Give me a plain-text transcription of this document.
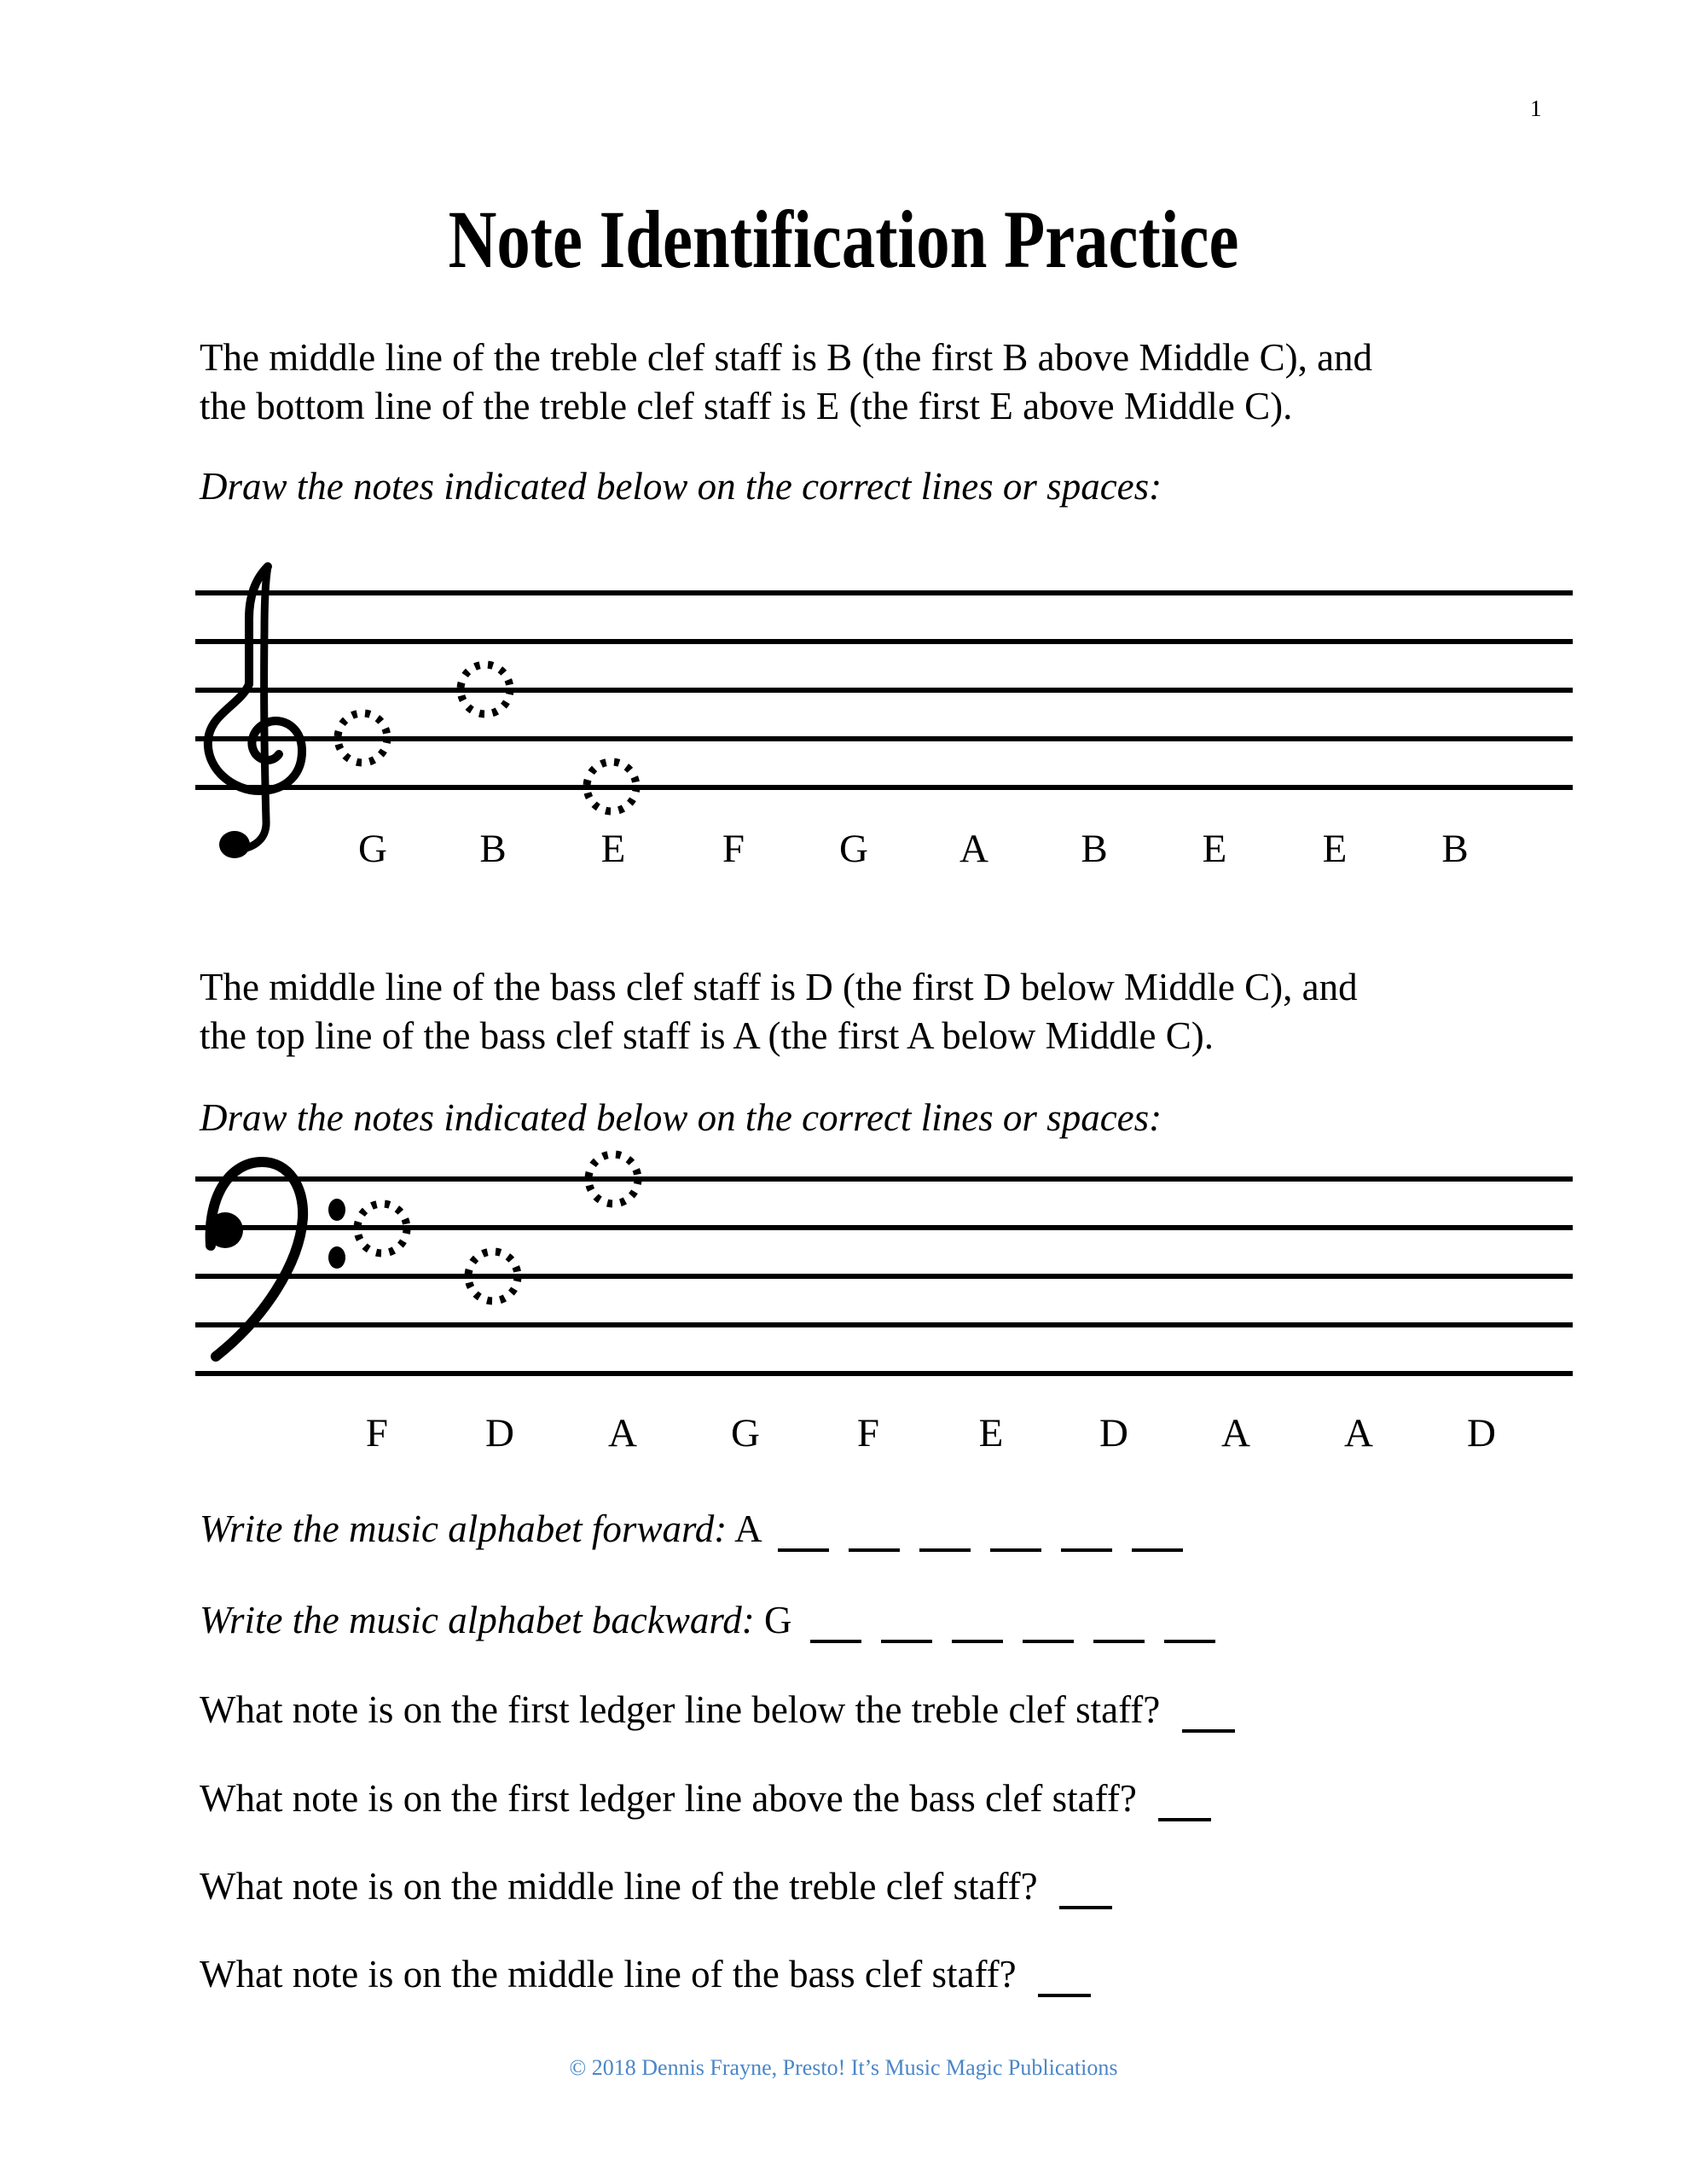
1
Note Identification Practice
The middle line of the treble clef staff is B (the first B above Middle C), and
the bottom line of the treble clef staff is E (the first E above Middle C).
Draw the notes indicated below on the correct lines or spaces:
G B E F G A B E E B
The middle line of the bass clef staff is D (the first D below Middle C), and
the top line of the bass clef staff is A (the first A below Middle C).
Draw the notes indicated below on the correct lines or spaces:
F D A G F E D A A D
Write the music alphabet forward: A
Write the music alphabet backward: G
What note is on the first ledger line below the treble clef staff?
What note is on the first ledger line above the bass clef staff?
What note is on the middle line of the treble clef staff?
What note is on the middle line of the bass clef staff?
© 2018 Dennis Frayne, Presto! It’s Music Magic Publications
